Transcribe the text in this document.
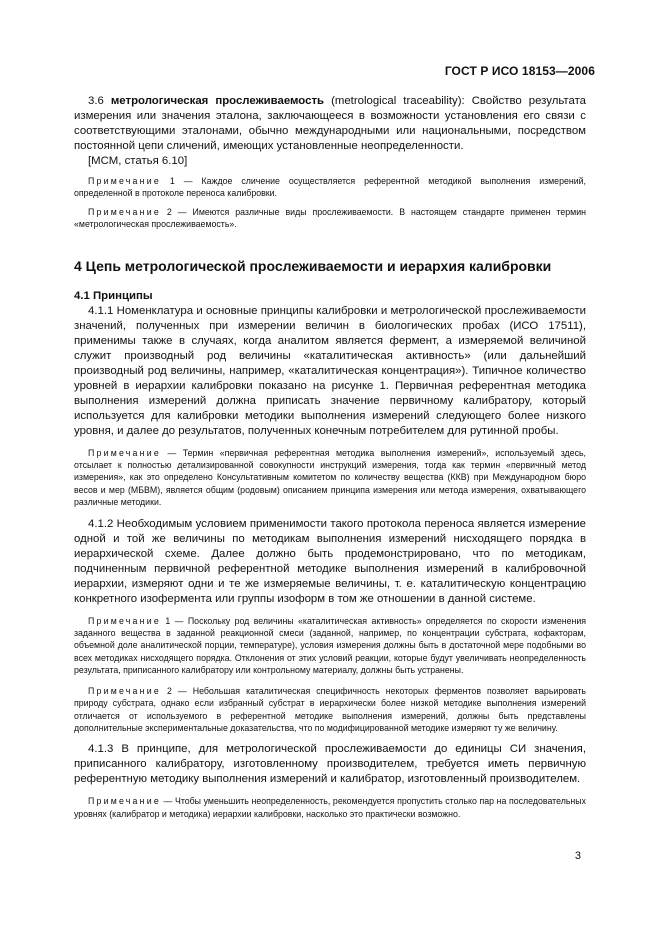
ГОСТ Р ИСО 18153—2006

3.6 метрологическая прослеживаемость (metrological traceability): Свойство результата измерения или значения эталона, заключающееся в возможности установления его связи с соответствующими эталонами, обычно международными или национальными, посредством постоянной цепи сличений, имеющих установленные неопределенности.

[МСМ, статья 6.10]

Примечание 1 — Каждое сличение осуществляется референтной методикой выполнения измерений, определенной в протоколе переноса калибровки.

Примечание 2 — Имеются различные виды прослеживаемости. В настоящем стандарте применен термин «метрологическая прослеживаемость».

4 Цепь метрологической прослеживаемости и иерархия калибровки

4.1 Принципы

4.1.1 Номенклатура и основные принципы калибровки и метрологической прослеживаемости значений, полученных при измерении величин в биологических пробах (ИСО 17511), применимы также в случаях, когда аналитом является фермент, а измеряемой величиной служит производный род величины «каталитическая активность» (или дальнейший производный род величины, например, «каталитическая концентрация»). Типичное количество уровней в иерархии калибровки показано на рисунке 1. Первичная референтная методика выполнения измерений должна приписать значение первичному калибратору, который используется для калибровки методики выполнения измерений следующего более низкого уровня, и далее до результатов, полученных конечным потребителем для рутинной пробы.

Примечание — Термин «первичная референтная методика выполнения измерений», используемый здесь, отсылает к полностью детализированной совокупности инструкций измерения, тогда как термин «первичный метод измерения», как это определено Консультативным комитетом по количеству вещества (ККВ) при Международном бюро весов и мер (МБВМ), является общим (родовым) описанием принципа измерения или метода измерения, охватывающего различные методики.

4.1.2 Необходимым условием применимости такого протокола переноса является измерение одной и той же величины по методикам выполнения измерений нисходящего порядка в иерархической схеме. Далее должно быть продемонстрировано, что по методикам, подчиненным первичной референтной методике выполнения измерений в калибровочной иерархии, измеряют одни и те же измеряемые величины, т. е. каталитическую концентрацию конкретного изофермента или группы изоформ в том же отношении в данной системе.

Примечание 1 — Поскольку род величины «каталитическая активность» определяется по скорости изменения заданного вещества в заданной реакционной смеси (заданной, например, по концентрации субстрата, кофакторам, объемной доле аналитической порции, температуре), условия измерения должны быть в достаточной мере подобными во всех методиках нисходящего порядка. Отклонения от этих условий реакции, которые будут увеличивать неопределенность результата, приписанного калибратору или контрольному материалу, должны быть устранены.

Примечание 2 — Небольшая каталитическая специфичность некоторых ферментов позволяет варьировать природу субстрата, однако если избранный субстрат в иерархически более низкой методике выполнения измерений отличается от используемого в референтной методике выполнения измерений, должны быть представлены дополнительные экспериментальные доказательства, что по модифицированной методике измеряют ту же величину.

4.1.3 В принципе, для метрологической прослеживаемости до единицы СИ значения, приписанного калибратору, изготовленному производителем, требуется иметь первичную референтную методику выполнения измерений и калибратор, изготовленный производителем.

Примечание — Чтобы уменьшить неопределенность, рекомендуется пропустить столько пар на последовательных уровнях (калибратор и методика) иерархии калибровки, насколько это практически возможно.

3
